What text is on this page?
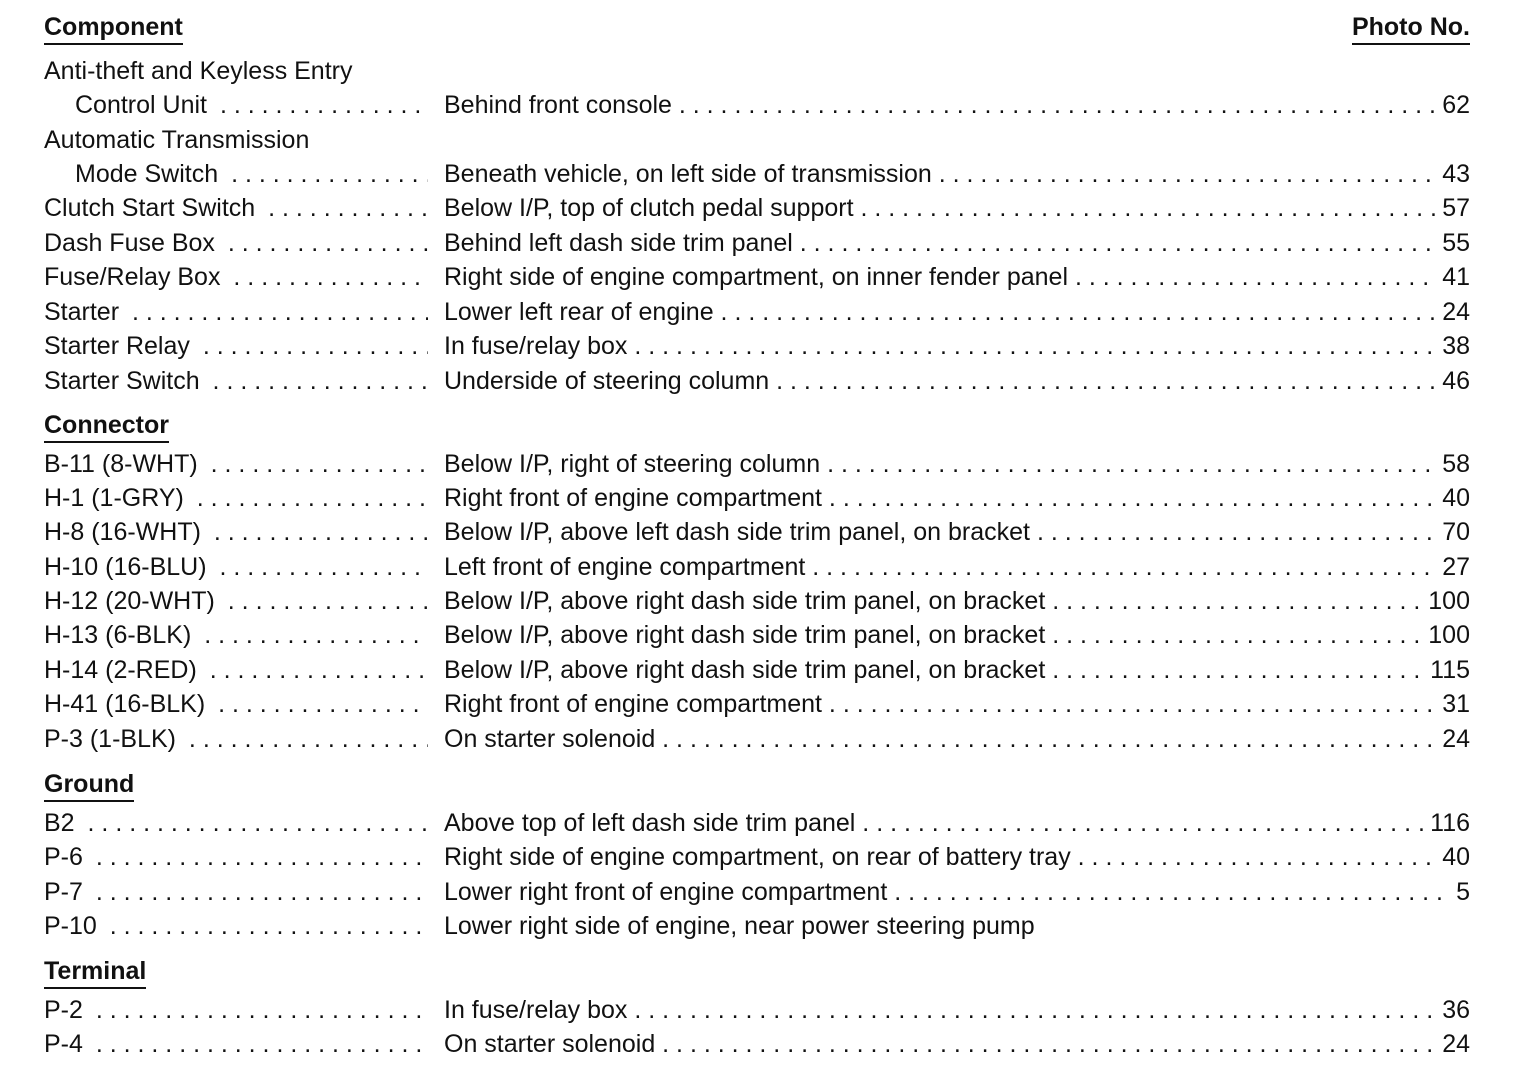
Component	Photo No.
Anti-theft and Keyless Entry
Control Unit . . .	Behind front console . . .	62
Automatic Transmission
Mode Switch . . .	Beneath vehicle, on left side of transmission . . .	43
Clutch Start Switch . . .	Below I/P, top of clutch pedal support . . .	57
Dash Fuse Box . . .	Behind left dash side trim panel . . .	55
Fuse/Relay Box . . .	Right side of engine compartment, on inner fender panel . . .	41
Starter . . .	Lower left rear of engine . . .	24
Starter Relay . . .	In fuse/relay box . . .	38
Starter Switch . . .	Underside of steering column . . .	46
Connector
B-11 (8-WHT) . . .	Below I/P, right of steering column . . .	58
H-1 (1-GRY) . . .	Right front of engine compartment . . .	40
H-8 (16-WHT) . . .	Below I/P, above left dash side trim panel, on bracket . . .	70
H-10 (16-BLU) . . .	Left front of engine compartment . . .	27
H-12 (20-WHT) . . .	Below I/P, above right dash side trim panel, on bracket . . .	100
H-13 (6-BLK) . . .	Below I/P, above right dash side trim panel, on bracket . . .	100
H-14 (2-RED) . . .	Below I/P, above right dash side trim panel, on bracket . . .	115
H-41 (16-BLK) . . .	Right front of engine compartment . . .	31
P-3 (1-BLK) . . .	On starter solenoid . . .	24
Ground
B2 . . .	Above top of left dash side trim panel . . .	116
P-6 . . .	Right side of engine compartment, on rear of battery tray . . .	40
P-7 . . .	Lower right front of engine compartment . . .	5
P-10 . . .	Lower right side of engine, near power steering pump
Terminal
P-2 . . .	In fuse/relay box . . .	36
P-4 . . .	On starter solenoid . . .	24
